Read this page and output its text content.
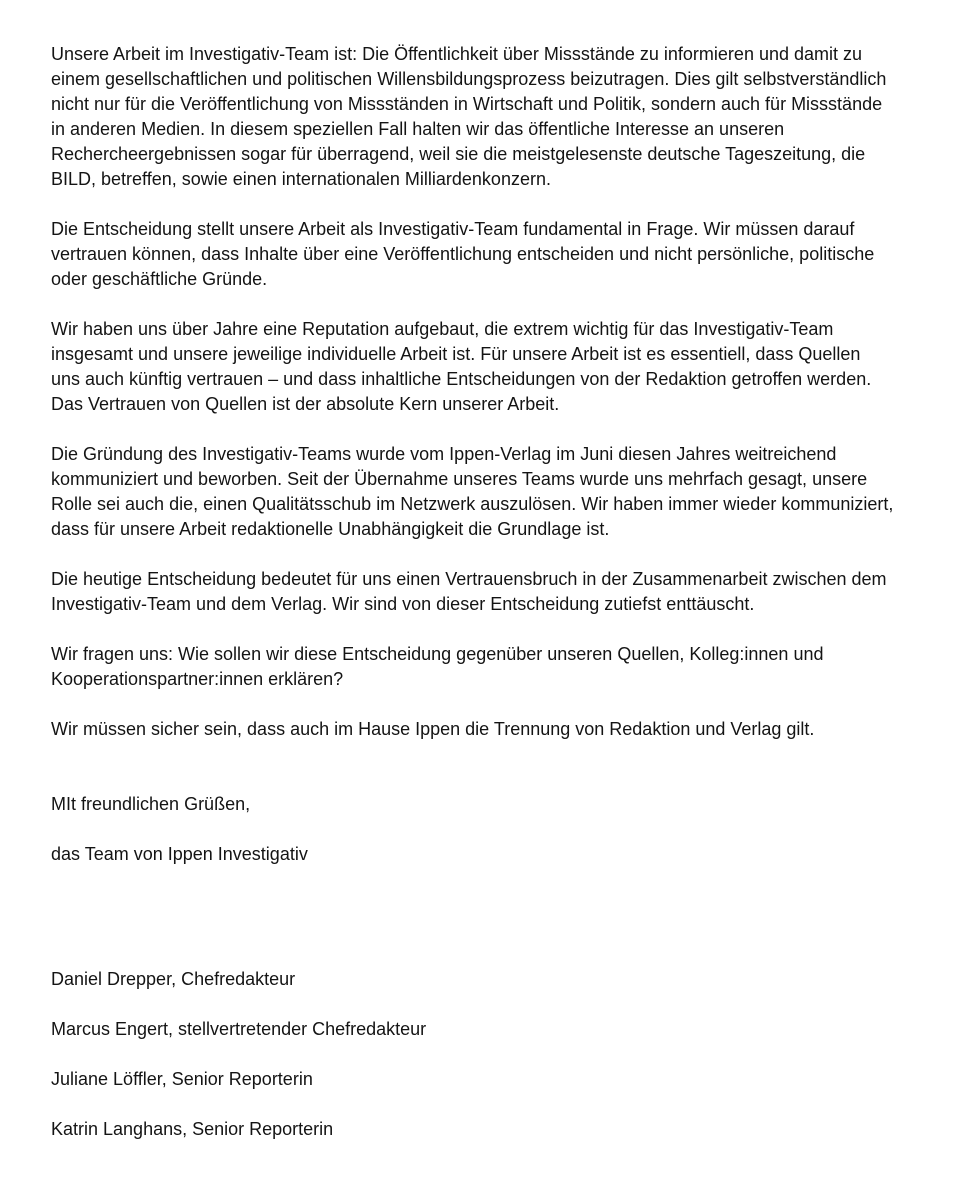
Unsere Arbeit im Investigativ-Team ist: Die Öffentlichkeit über Missstände zu informieren und damit zu
einem gesellschaftlichen und politischen Willensbildungsprozess beizutragen. Dies gilt selbstverständlich
nicht nur für die Veröffentlichung von Missständen in Wirtschaft und Politik, sondern auch für Missstände
in anderen Medien. In diesem speziellen Fall halten wir das öffentliche Interesse an unseren
Rechercheergebnissen sogar für überragend, weil sie die meistgelesenste deutsche Tageszeitung, die
BILD, betreffen, sowie einen internationalen Milliardenkonzern.

Die Entscheidung stellt unsere Arbeit als Investigativ-Team fundamental in Frage. Wir müssen darauf
vertrauen können, dass Inhalte über eine Veröffentlichung entscheiden und nicht persönliche, politische
oder geschäftliche Gründe.

Wir haben uns über Jahre eine Reputation aufgebaut, die extrem wichtig für das Investigativ-Team
insgesamt und unsere jeweilige individuelle Arbeit ist. Für unsere Arbeit ist es essentiell, dass Quellen
uns auch künftig vertrauen – und dass inhaltliche Entscheidungen von der Redaktion getroffen werden.
Das Vertrauen von Quellen ist der absolute Kern unserer Arbeit.

Die Gründung des Investigativ-Teams wurde vom Ippen-Verlag im Juni diesen Jahres weitreichend
kommuniziert und beworben. Seit der Übernahme unseres Teams wurde uns mehrfach gesagt, unsere
Rolle sei auch die, einen Qualitätsschub im Netzwerk auszulösen. Wir haben immer wieder kommuniziert,
dass für unsere Arbeit redaktionelle Unabhängigkeit die Grundlage ist.

Die heutige Entscheidung bedeutet für uns einen Vertrauensbruch in der Zusammenarbeit zwischen dem
Investigativ-Team und dem Verlag. Wir sind von dieser Entscheidung zutiefst enttäuscht.

Wir fragen uns: Wie sollen wir diese Entscheidung gegenüber unseren Quellen, Kolleg:innen und
Kooperationspartner:innen erklären?

Wir müssen sicher sein, dass auch im Hause Ippen die Trennung von Redaktion und Verlag gilt.

MIt freundlichen Grüßen,

das Team von Ippen Investigativ

Daniel Drepper, Chefredakteur

Marcus Engert, stellvertretender Chefredakteur

Juliane Löffler, Senior Reporterin

Katrin Langhans, Senior Reporterin
